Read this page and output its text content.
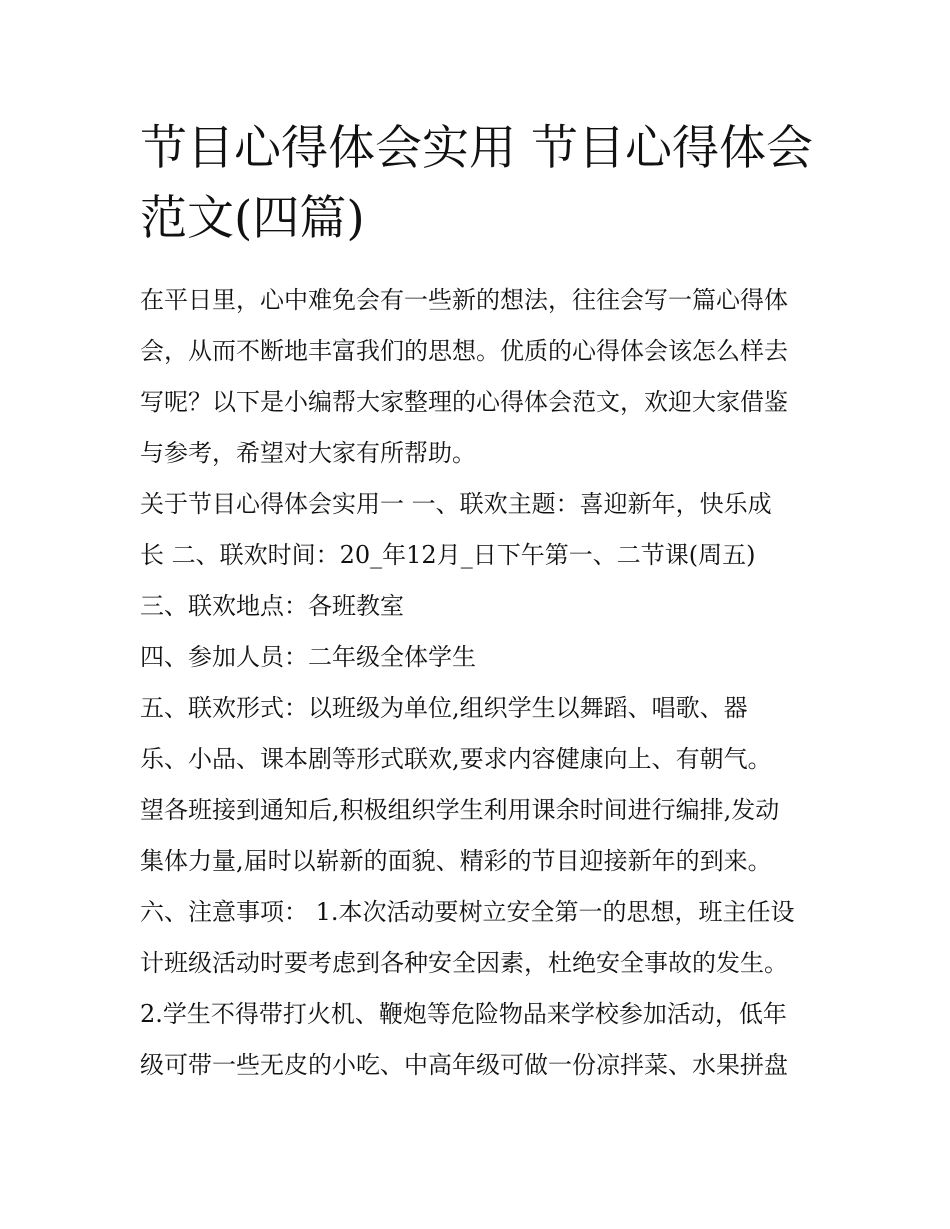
节目心得体会实用 节目心得体会范文(四篇)
在平日里，心中难免会有一些新的想法，往往会写一篇心得体
会，从而不断地丰富我们的思想。优质的心得体会该怎么样去
写呢？以下是小编帮大家整理的心得体会范文，欢迎大家借鉴
与参考，希望对大家有所帮助。
关于节目心得体会实用一 一、联欢主题：喜迎新年，快乐成
长 二、联欢时间：20_年12月_日下午第一、二节课(周五)
三、联欢地点：各班教室
四、参加人员：二年级全体学生
五、联欢形式：以班级为单位,组织学生以舞蹈、唱歌、器
乐、小品、课本剧等形式联欢,要求内容健康向上、有朝气。
望各班接到通知后,积极组织学生利用课余时间进行编排,发动
集体力量,届时以崭新的面貌、精彩的节目迎接新年的到来。
六、注意事项： 1.本次活动要树立安全第一的思想，班主任设
计班级活动时要考虑到各种安全因素，杜绝安全事故的发生。
2.学生不得带打火机、鞭炮等危险物品来学校参加活动，低年
级可带一些无皮的小吃、中高年级可做一份凉拌菜、水果拼盘
